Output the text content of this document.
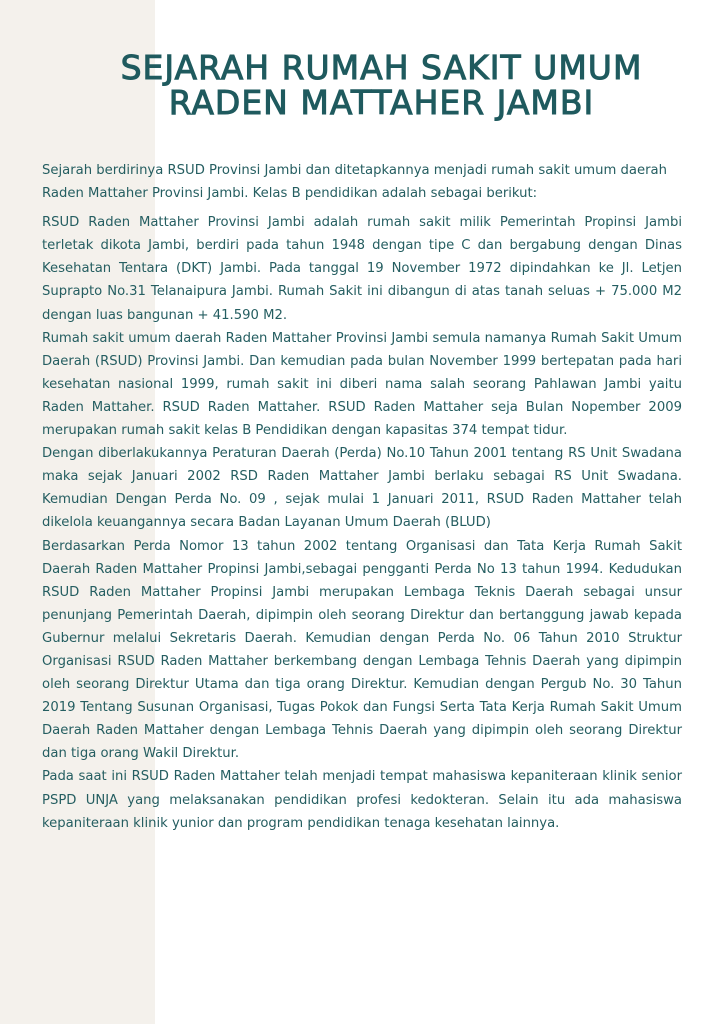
SEJARAH RUMAH SAKIT UMUM
RADEN MATTAHER JAMBI

Sejarah berdirinya RSUD Provinsi Jambi dan ditetapkannya menjadi rumah sakit umum daerah Raden Mattaher Provinsi Jambi. Kelas B pendidikan adalah sebagai berikut:

RSUD Raden Mattaher Provinsi Jambi adalah rumah sakit milik Pemerintah Propinsi Jambi terletak dikota Jambi, berdiri pada tahun 1948 dengan tipe C dan bergabung dengan Dinas Kesehatan Tentara (DKT) Jambi. Pada tanggal 19 November 1972 dipindahkan ke Jl. Letjen Suprapto No.31 Telanaipura Jambi. Rumah Sakit ini dibangun di atas tanah seluas + 75.000 M2 dengan luas bangunan + 41.590 M2.

Rumah sakit umum daerah Raden Mattaher Provinsi Jambi semula namanya Rumah Sakit Umum Daerah (RSUD) Provinsi Jambi. Dan kemudian pada bulan November 1999 bertepatan pada hari kesehatan nasional 1999, rumah sakit ini diberi nama salah seorang Pahlawan Jambi yaitu Raden Mattaher. RSUD Raden Mattaher. RSUD Raden Mattaher seja Bulan Nopember 2009 merupakan rumah sakit kelas B Pendidikan dengan kapasitas 374 tempat tidur.

Dengan diberlakukannya Peraturan Daerah (Perda) No.10 Tahun 2001 tentang RS Unit Swadana maka sejak Januari 2002 RSD Raden Mattaher Jambi berlaku sebagai RS Unit Swadana. Kemudian Dengan Perda No. 09 , sejak mulai 1 Januari 2011, RSUD Raden Mattaher telah dikelola keuangannya secara Badan Layanan Umum Daerah (BLUD)

Berdasarkan Perda Nomor 13 tahun 2002 tentang Organisasi dan Tata Kerja Rumah Sakit Daerah Raden Mattaher Propinsi Jambi,sebagai pengganti Perda No 13 tahun 1994. Kedudukan RSUD Raden Mattaher Propinsi Jambi merupakan Lembaga Teknis Daerah sebagai unsur penunjang Pemerintah Daerah, dipimpin oleh seorang Direktur dan bertanggung jawab kepada Gubernur melalui Sekretaris Daerah. Kemudian dengan Perda No. 06 Tahun 2010 Struktur Organisasi RSUD Raden Mattaher berkembang dengan Lembaga Tehnis Daerah yang dipimpin oleh seorang Direktur Utama dan tiga orang Direktur. Kemudian dengan Pergub No. 30 Tahun 2019 Tentang Susunan Organisasi, Tugas Pokok dan Fungsi Serta Tata Kerja Rumah Sakit Umum Daerah Raden Mattaher dengan Lembaga Tehnis Daerah yang dipimpin oleh seorang Direktur dan tiga orang Wakil Direktur.

Pada saat ini RSUD Raden Mattaher telah menjadi tempat mahasiswa kepaniteraan klinik senior PSPD UNJA yang melaksanakan pendidikan profesi kedokteran. Selain itu ada mahasiswa kepaniteraan klinik yunior dan program pendidikan tenaga kesehatan lainnya.
